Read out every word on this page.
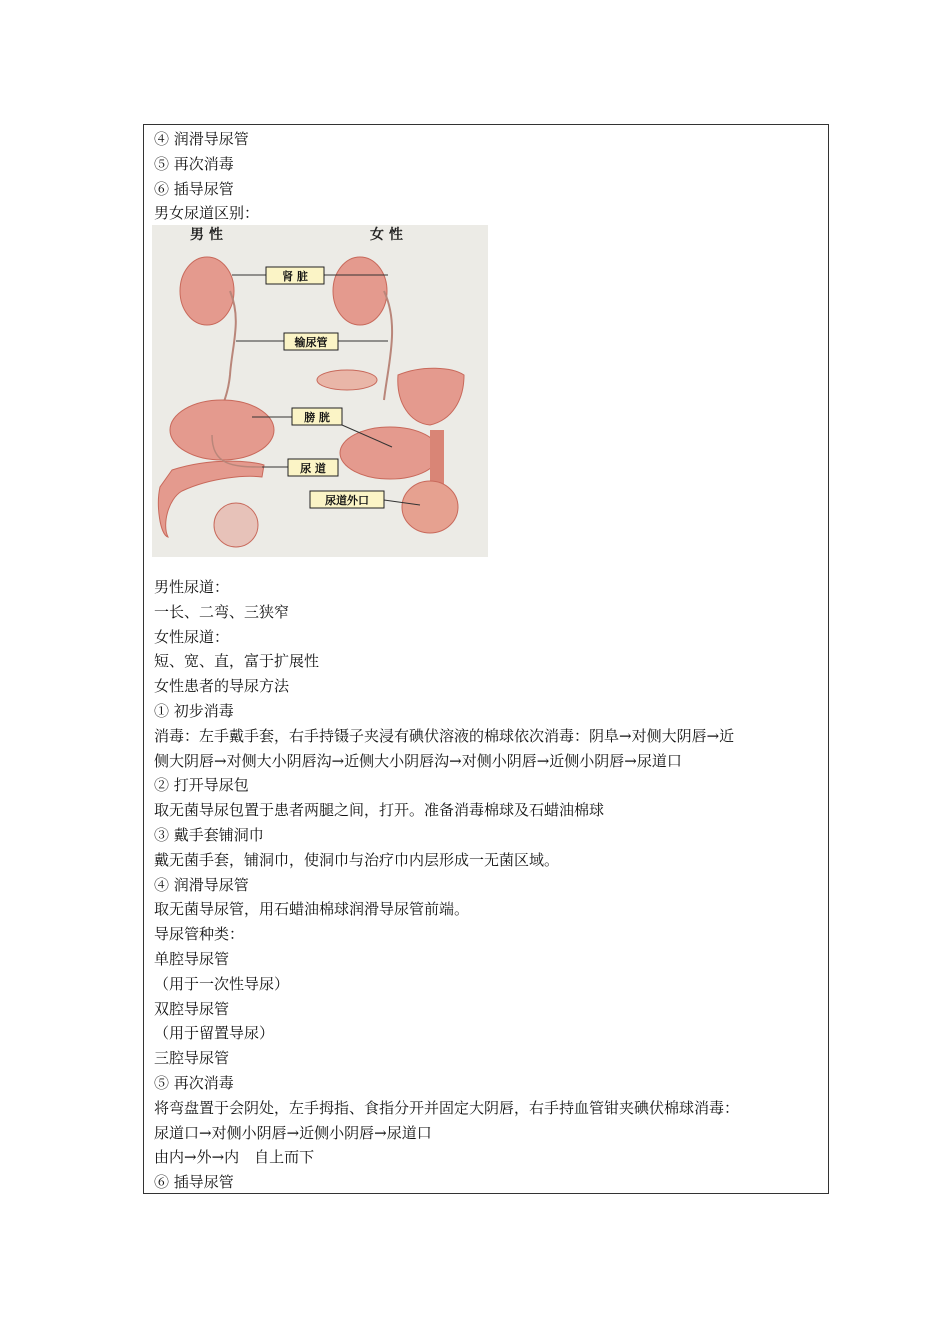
④ 润滑导尿管
⑤ 再次消毒
⑥ 插导尿管
男女尿道区别：
男 性	女 性
肾 脏
输尿管
膀 胱
尿 道
尿道外口
男性尿道：
一长、二弯、三狭窄
女性尿道：
短、宽、直，富于扩展性
女性患者的导尿方法
① 初步消毒
消毒：左手戴手套，右手持镊子夹浸有碘伏溶液的棉球依次消毒：阴阜→对侧大阴唇→近
侧大阴唇→对侧大小阴唇沟→近侧大小阴唇沟→对侧小阴唇→近侧小阴唇→尿道口
② 打开导尿包
取无菌导尿包置于患者两腿之间，打开。准备消毒棉球及石蜡油棉球
③ 戴手套铺洞巾
戴无菌手套，铺洞巾，使洞巾与治疗巾内层形成一无菌区域。
④ 润滑导尿管
取无菌导尿管，用石蜡油棉球润滑导尿管前端。
导尿管种类：
单腔导尿管
（用于一次性导尿）
双腔导尿管
（用于留置导尿）
三腔导尿管
⑤ 再次消毒
将弯盘置于会阴处，左手拇指、食指分开并固定大阴唇，右手持血管钳夹碘伏棉球消毒：
尿道口→对侧小阴唇→近侧小阴唇→尿道口
由内→外→内　自上而下
⑥ 插导尿管
